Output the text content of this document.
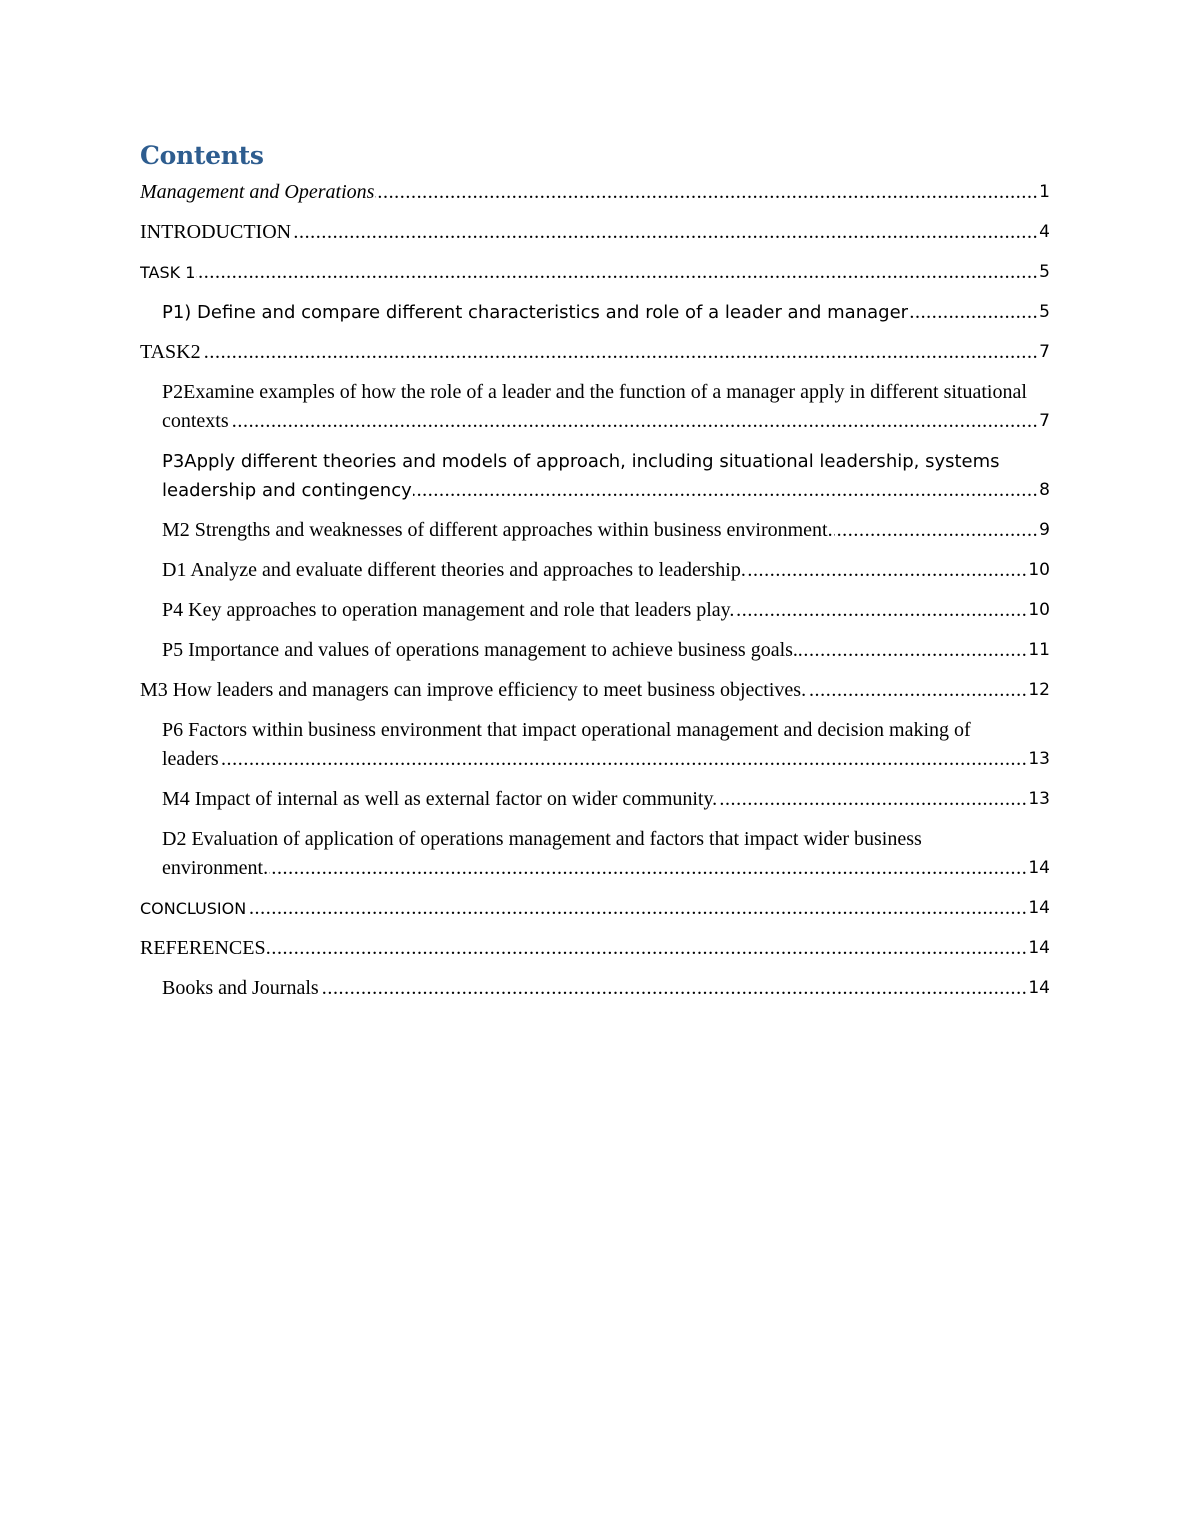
Contents
Management and Operations .....	1
INTRODUCTION .....	4
TASK 1 .....	5
P1) Define and compare different characteristics and role of a leader and manager .....	5
TASK2 .....	7
P2Examine examples of how the role of a leader and the function of a manager apply in different situational contexts .....	7
P3Apply different theories and models of approach, including situational leadership, systems leadership and contingency .....	8
M2 Strengths and weaknesses of different approaches within business environment. .....	9
D1 Analyze and evaluate different theories and approaches to leadership. .....	10
P4 Key approaches to operation management and role that leaders play. .....	10
P5 Importance and values of operations management to achieve business goals. .....	11
M3 How leaders and managers can improve efficiency to meet business objectives. .....	12
P6 Factors within business environment that impact operational management and decision making of leaders .....	13
M4 Impact of internal as well as external factor on wider community. .....	13
D2 Evaluation of application of operations management and factors that impact wider business environment. .....	14
CONCLUSION .....	14
REFERENCES .....	14
Books and Journals .....	14
